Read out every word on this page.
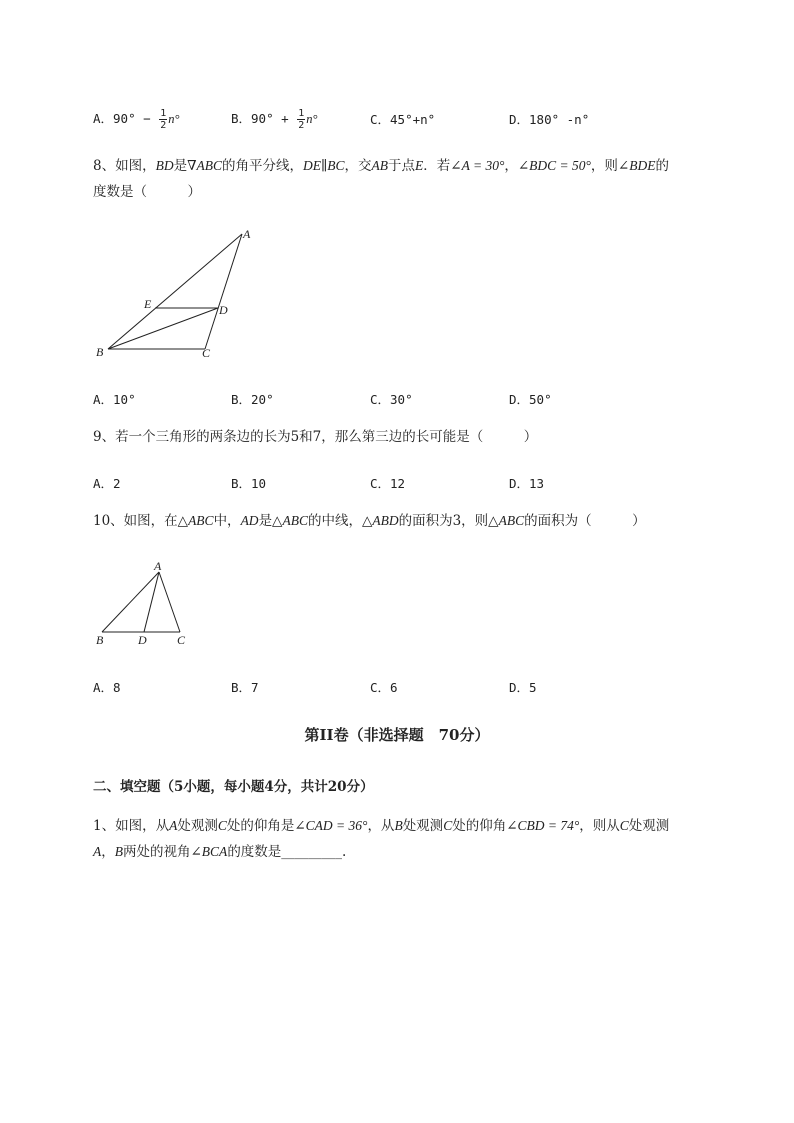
A．$90^\circ - \frac{1}{2} n^\circ$	B．$90^\circ + \frac{1}{2} n^\circ$	C．45°+n°	D．180° -n°
8、如图，BD是∇ABC的角平分线，DE∥BC，交AB于点E．若∠A = 30°，∠BDC = 50°，则∠BDE的
度数是（　　　）
A
B	C
D
E
A
B	D	C
A．10°	B．20°	C．30°	D．50°
9、若一个三角形的两条边的长为5和7，那么第三边的长可能是（　　　）
A．2	B．10	C．12	D．13
10、如图，在△ABC中，AD是△ABC的中线，△ABD的面积为3，则△ABC的面积为（　　　）
A．8	B．7	C．6	D．5
第II卷（非选择题　70分）
二、填空题（5小题，每小题4分，共计20分）
1、如图，从A处观测C处的仰角是∠CAD = 36°，从B处观测C处的仰角∠CBD = 74°，则从C处观测
A，B两处的视角∠BCA的度数是_________.
